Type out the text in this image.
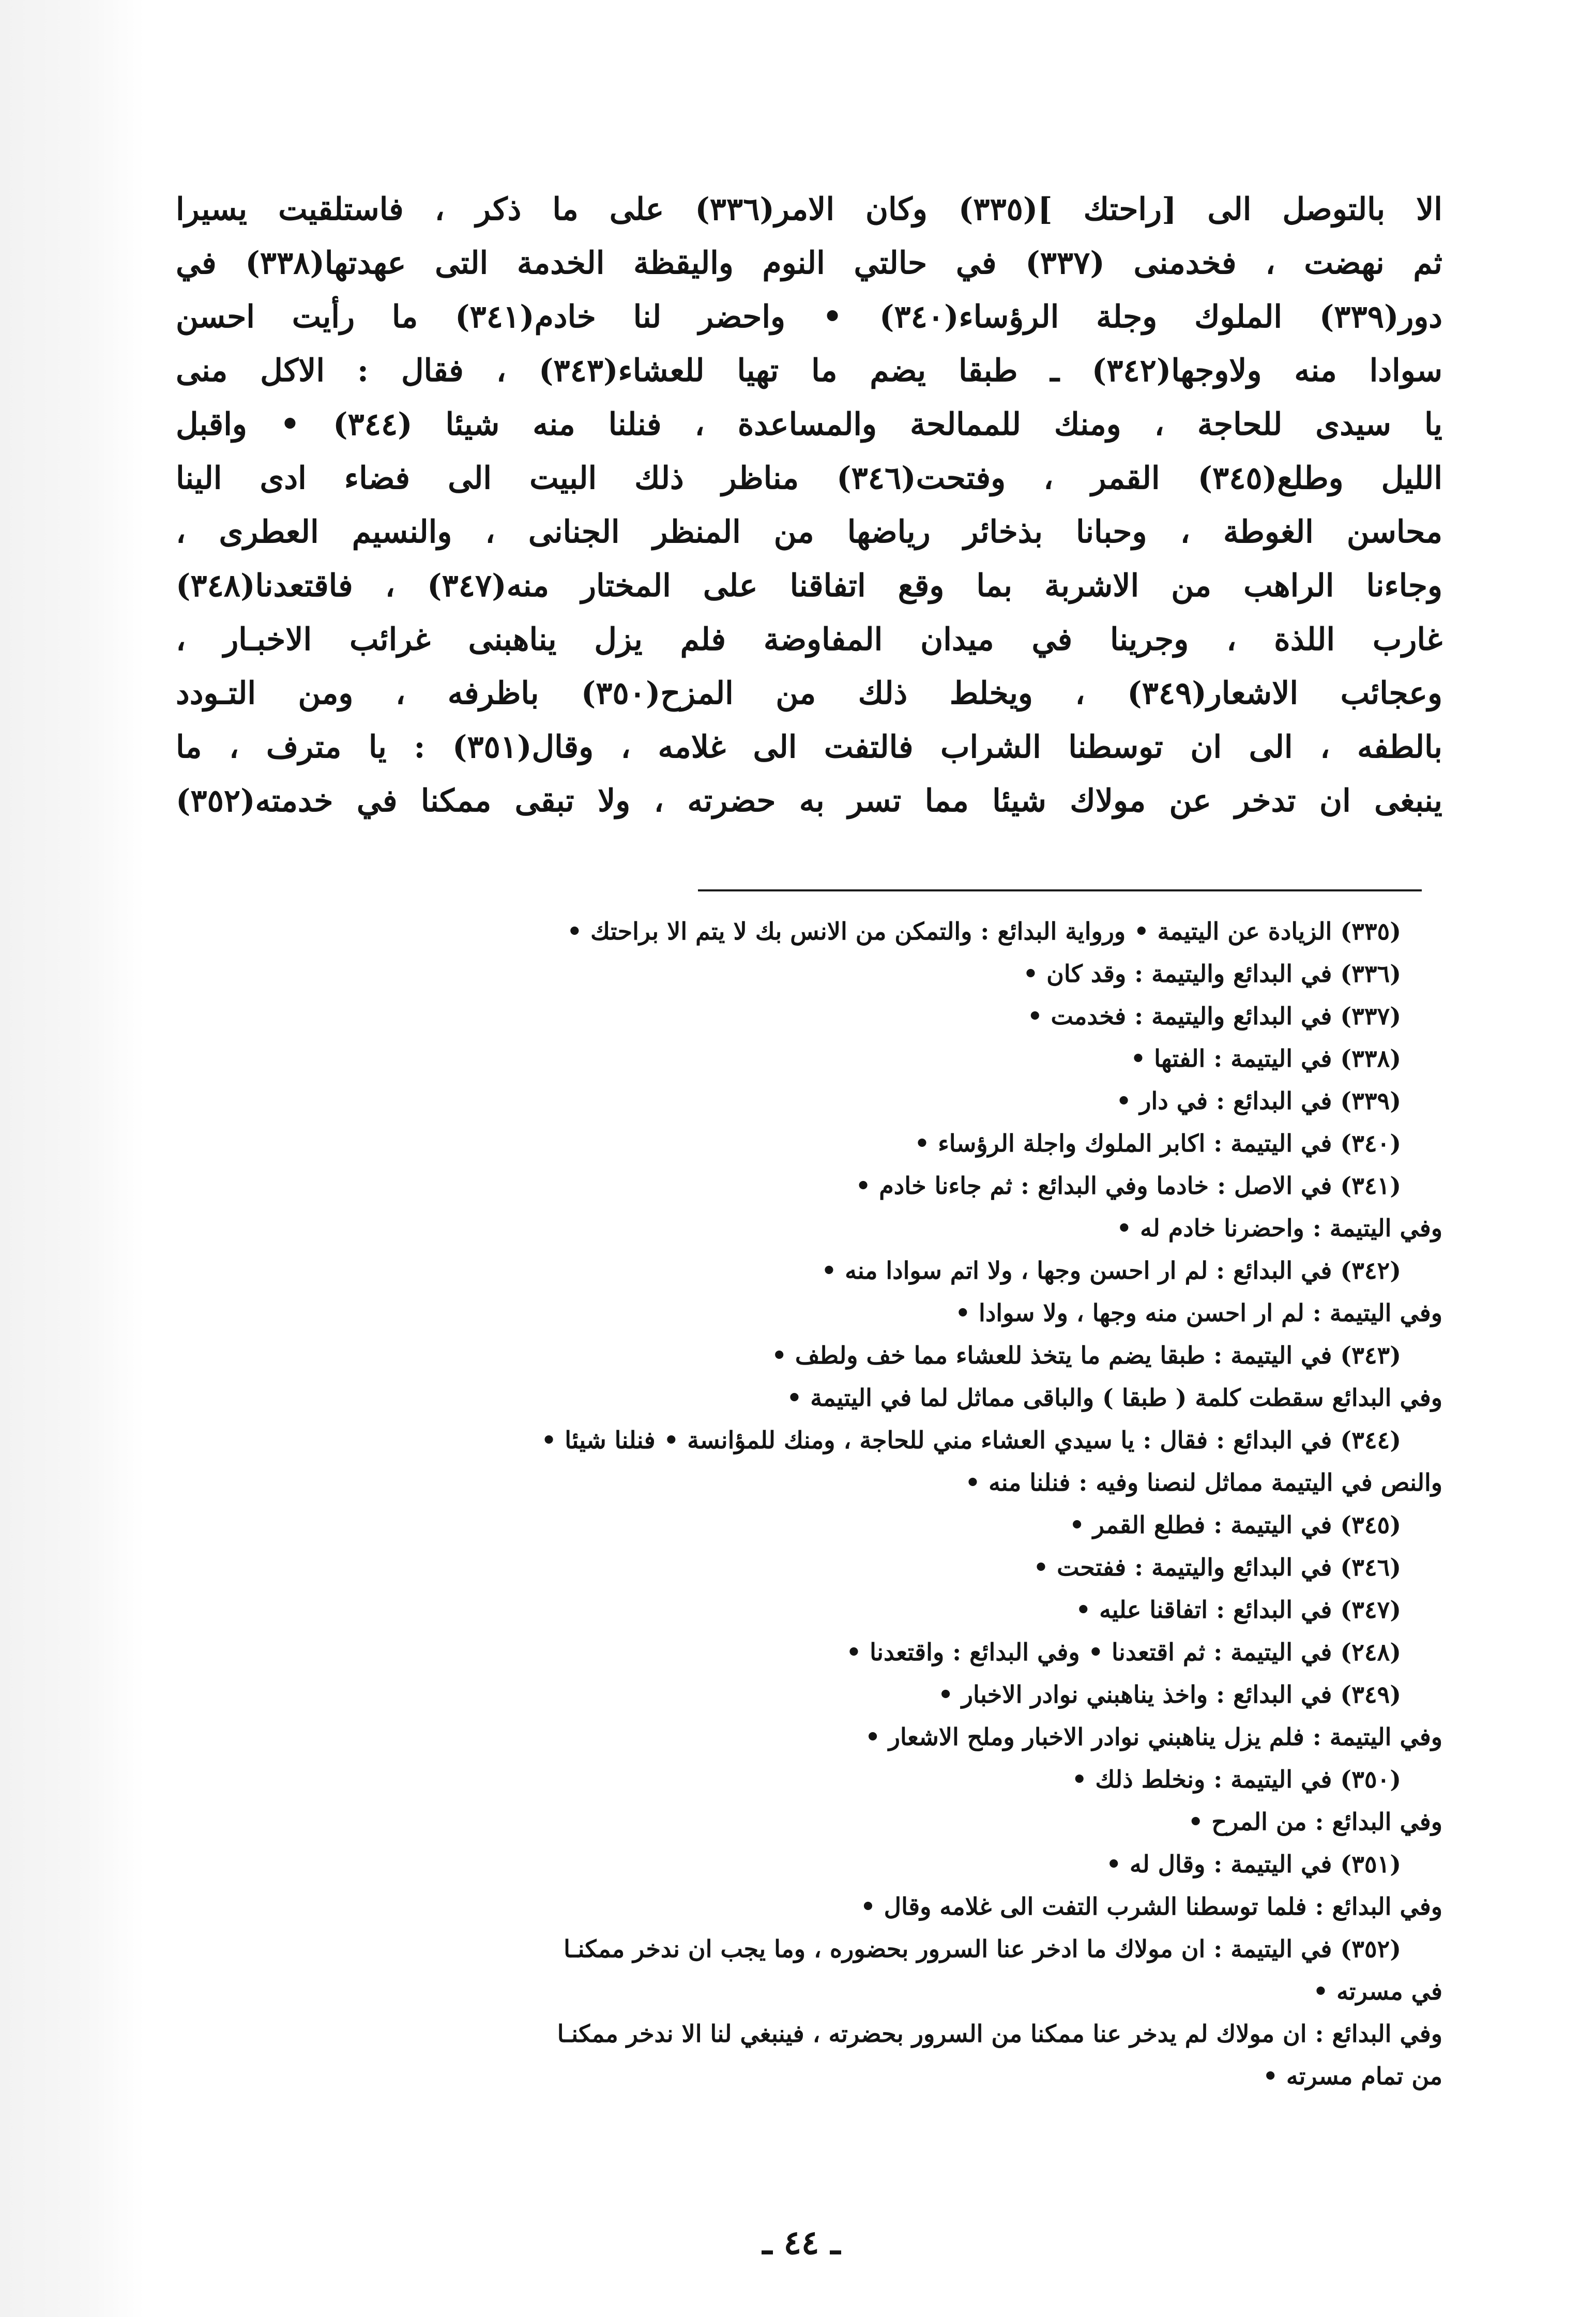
الا بالتوصل الى [راحتك ](٣٣٥) وكان الامر(٣٣٦) على ما ذكر ، فاستلقيت يسيرا
ثم نهضت ، فخدمنى (٣٣٧) في حالتي النوم واليقظة الخدمة التى عهدتها(٣٣٨) في
دور(٣٣٩) الملوك وجلة الرؤساء(٣٤٠) • واحضر لنا خادم(٣٤١) ما رأيت احسن
سوادا منه ولاوجها(٣٤٢) ـ طبقا يضم ما تهيا للعشاء(٣٤٣) ، فقال : الاكل منى
يا سيدى للحاجة ، ومنك للممالحة والمساعدة ، فنلنا منه شيئا (٣٤٤) • واقبل
الليل وطلع(٣٤٥) القمر ، وفتحت(٣٤٦) مناظر ذلك البيت الى فضاء ادى الينا
محاسن الغوطة ، وحبانا بذخائر رياضها من المنظر الجنانى ، والنسيم العطرى ،
وجاءنا الراهب من الاشربة بما وقع اتفاقنا على المختار منه(٣٤٧) ، فاقتعدنا(٣٤٨)
غارب اللذة ، وجرينا في ميدان المفاوضة فلم يزل يناهبنى غرائب الاخبـار ،
وعجائب الاشعار(٣٤٩) ، ويخلط ذلك من المزح(٣٥٠) باظرفه ، ومن التـودد
بالطفه ، الى ان توسطنا الشراب فالتفت الى غلامه ، وقال(٣٥١) : يا مترف ، ما
ينبغى ان تدخر عن مولاك شيئا مما تسر به حضرته ، ولا تبقى ممكنا في خدمته(٣٥٢)
(٣٣٥) الزيادة عن اليتيمة • ورواية البدائع : والتمكن من الانس بك لا يتم الا براحتك •
(٣٣٦) في البدائع واليتيمة : وقد كان •
(٣٣٧) في البدائع واليتيمة : فخدمت •
(٣٣٨) في اليتيمة : الفتها •
(٣٣٩) في البدائع : في دار •
(٣٤٠) في اليتيمة : اكابر الملوك واجلة الرؤساء •
(٣٤١) في الاصل : خادما وفي البدائع : ثم جاءنا خادم •
وفي اليتيمة : واحضرنا خادم له •
(٣٤٢) في البدائع : لم ار احسن وجها ، ولا اتم سوادا منه •
وفي اليتيمة : لم ار احسن منه وجها ، ولا سوادا •
(٣٤٣) في اليتيمة : طبقا يضم ما يتخذ للعشاء مما خف ولطف •
وفي البدائع سقطت كلمة ( طبقا ) والباقى مماثل لما في اليتيمة •
(٣٤٤) في البدائع : فقال : يا سيدي العشاء مني للحاجة ، ومنك للمؤانسة • فنلنا شيئا •
والنص في اليتيمة مماثل لنصنا وفيه : فنلنا منه •
(٣٤٥) في اليتيمة : فطلع القمر •
(٣٤٦) في البدائع واليتيمة : ففتحت •
(٣٤٧) في البدائع : اتفاقنا عليه •
(٢٤٨) في اليتيمة : ثم اقتعدنا • وفي البدائع : واقتعدنا •
(٣٤٩) في البدائع : واخذ يناهبني نوادر الاخبار •
وفي اليتيمة : فلم يزل يناهبني نوادر الاخبار وملح الاشعار •
(٣٥٠) في اليتيمة : ونخلط ذلك •
وفي البدائع : من المرح •
(٣٥١) في اليتيمة : وقال له •
وفي البدائع : فلما توسطنا الشرب التفت الى غلامه وقال •
(٣٥٢) في اليتيمة : ان مولاك ما ادخر عنا السرور بحضوره ، وما يجب ان ندخر ممكنـا
في مسرته •
وفي البدائع : ان مولاك لم يدخر عنا ممكنا من السرور بحضرته ، فينبغي لنا الا ندخر ممكنـا
من تمام مسرته •
ـ ٤٤ ـ
